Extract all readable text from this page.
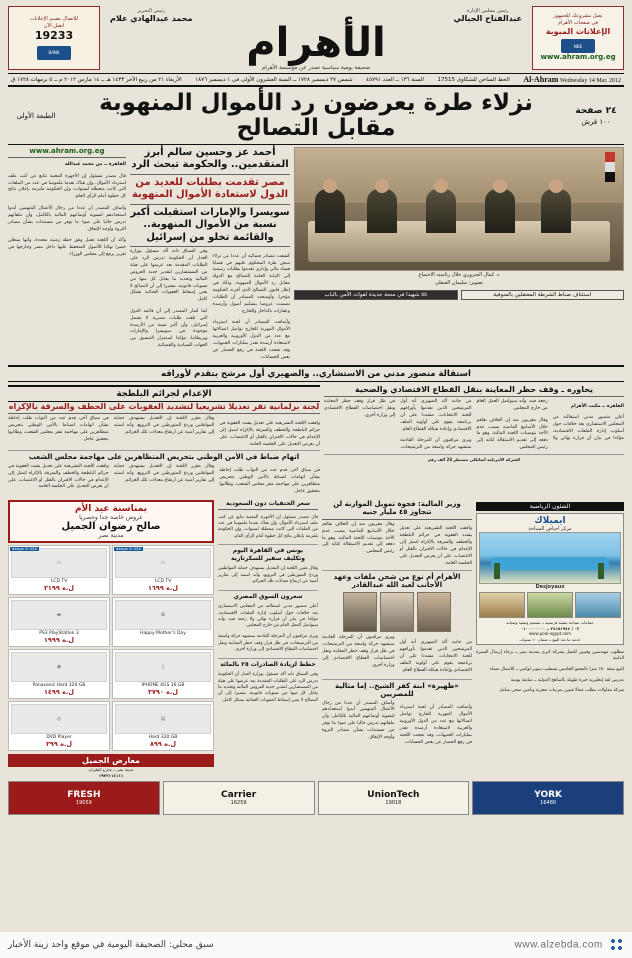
يصل مشروعك للجمهور
في صفحات الأهرام
الإعلانات المبوبة
NBE
www.ahram.org.eg
رئيس مجلس الإدارة
عبدالفتاح الجبالي
رئيس التحرير
محمد عبدالهادي علام
الأهرام
صحيفة يومية سياسية تصدر عن مؤسسة الأهرام
للاتصال بقسم الإعلانات
اتصل الآن
19233
BANK
Al-Ahram Wednesday 14 Mar. 2012
الخط الساخن للشكاوى 17515
السنة ١٣٦ ــ العدد ٤٥٧٩١
شمس ٢٧ ديسمبر ١٧٢٨ ــ السنة العشرون الأولى في ١ ديسمبر ١٨٧٦
الأربعاء ٢١ من ربيع الآخر ١٤٣٣ هـ ــ ١٤ مارس ٢٠١٢ م ــ ٥ برمهات ١٧٢٨ ق
٢٤ صفحة
١٠٠ قرش
نزلاء طرة يعرضون رد الأموال المنهوبة مقابل التصالح
الطبعة الأولى
د. كمال الجنزوري خلال رئاسته الاجتماع
تصوير: سليمان العنقلي
استئناف ضباط الشرطة المعتقلين بالمنوفية
٥٥ شهيدا في منحة جديدة لقوات الأمن بالباب
أحمد عز وحسين سالم أبرز المتقدمين.. والحكومة تبحث الرد
مصر تقدمت بطلبات للعديد من الدول لاستعادة الأموال المنهوبة
سويسرا والإمارات استقبلت أكبر نسبة من الأموال المنهوبة.. والقائمة تخلو من إسرائيل

كشفت مصادر قضائية أن عددا من نزلاء سجن طرة المحكوم عليهم في قضايا فساد مالي وإداري تقدموا بطلبات رسمية إلى النيابة العامة للتصالح مع الدولة مقابل رد الأموال المنهوبة، وذلك في إطار قانون التصالح الذي أقرته الحكومة مؤخرا. وأوضحت المصادر أن الطلبات تضمنت عروضا بتسليم أصول وأرصدة وعقارات بالداخل والخارج.

وأضافت المصادر أن لجنة استرداد الأموال المهربة للخارج تواصل اتصالاتها مع عدد من الدول الأوروبية والعربية لاستعادة أرصدة تقدر بمليارات الجنيهات، وقد نجحت اللجنة في رفع الحصار عن بعض الحسابات.

وفي السياق ذاته أكد مسئول بوزارة العدل أن الحكومة تدرس الرد على الطلبات المقدمة بعد عرضها على هيئة من المستشارين لتقدير جدية العروض المالية وتحديد ما يقابل كل منها من تسويات قانونية، مشيرا إلى أن التصالح لا يعني إسقاط العقوبات الجنائية بشكل كامل.

كما أشار المصدر إلى أن قائمة الدول التي تلقت طلبات مصرية لا تشمل إسرائيل، وأن أكبر نسبة من الأرصدة موجودة في سويسرا والإمارات وبريطانيا، مؤكدا استمرار التنسيق بين الجهات السيادية والقضائية.

www.ahram.org.eg

القاهرة ــ من محمد عبدالله

قال مصدر مسئول إن الأجهزة المعنية تتابع عن كثب ملف استرداد الأموال، وإن هناك تقدما ملموسا في عدد من الملفات التي كانت متعطلة لسنوات، وإن الحكومة ملتزمة بإعلان نتائج كل خطوة أمام الرأي العام.

وأضاف المصدر أن عددا من رجال الأعمال المتهمين أبدوا استعدادهم لتسوية أوضاعهم المالية بالكامل، وأن ملفاتهم تدرس حاليا على ضوء ما توفر من مستندات بشأن مصادر الثروة وأوجه الإنفاق.

وأكد أن اللجنة تعمل وفق خطة زمنية محددة، وأنها ستعلن حصرا نهائيا للأصول المتحفظ عليها داخل مصر وخارجها في تقرير يرفع إلى مجلس الوزراء.

استقالة منصور مدني من الاستشاري.. والصهيري أول مرشح يتقدم لأوراقه
يحاوره ـ وقف حظر المعاينة بنقل القطاع الاقتصادي والصحية

القاهرة ــ مكتب الأهرام

أعلن منصور مدني استقالته من المجلس الاستشاري بعد خلافات حول أسلوب إدارة الملفات الاقتصادية، مؤكدا في بيان أن قراره نهائي ولا رجعة فيه، وأنه سيواصل العمل العام من خارج المجلس.

وقال مقربون منه إن الخلاف تفاقم خلال الأسابيع الماضية بسبب عدم الأخذ بتوصيات اللجنة المالية، وهو ما دفعه إلى تقديم الاستقالة كتابة إلى رئيس المجلس.

من جانبه أكد الصهيري أنه أول المرشحين الذين تقدموا بأوراقهم للجنة الانتخابات، مشددا على أن برنامجه يقوم على أولوية الملف الاقتصادي وإعادة هيكلة القطاع العام.

ويرى مراقبون أن المرحلة القادمة ستشهد حركة واسعة من الترشيحات، في ظل قرار وقف حظر المعاينة ونقل اختصاصات القطاع الاقتصادي إلى وزارة أخرى.

الشركة الأمريكية أسانكلي مسيطر 24 ألف رقم
الإعدام لجرائم البلطجة
لجنة برلمانية تقر تعديلا تشريعيا لتشديد العقوبات على الخطف والسرقة بالإكراه

وافقت اللجنة التشريعية على تعديل يشدد العقوبة في جرائم البلطجة والخطف والسرقة بالإكراه لتصل إلى الإعدام في حالات الاقتران بالقتل أو الاغتصاب، على أن يعرض التعديل على الجلسة العامة.

وقال مقرر اللجنة إن التعديل يستهدف حماية المواطنين وردع المتورطين في الترويع، وأنه استند إلى تقارير أمنية عن ارتفاع معدلات تلك الجرائم.

في سياق آخر، قدم عدد من النواب طلب إحاطة بشأن اتهامات لضباط بالأمن الوطني بتحريض متظاهرين على مهاجمة مقر مجلس الشعب، وطالبوا بتحقيق عاجل.

اتهام ضباط في الأمن الوطني بتحريض المتظاهرين على مهاجمة مجلس الشعب

في سياق آخر، قدم عدد من النواب طلب إحاطة بشأن اتهامات لضباط بالأمن الوطني بتحريض متظاهرين على مهاجمة مقر مجلس الشعب، وطالبوا بتحقيق عاجل.

وقال مقرر اللجنة إن التعديل يستهدف حماية المواطنين وردع المتورطين في الترويع، وأنه استند إلى تقارير أمنية عن ارتفاع معدلات تلك الجرائم.

وافقت اللجنة التشريعية على تعديل يشدد العقوبة في جرائم البلطجة والخطف والسرقة بالإكراه لتصل إلى الإعدام في حالات الاقتران بالقتل أو الاغتصاب، على أن يعرض التعديل على الجلسة العامة.

الشئون الرياضية
ايميلاك
مركز أحياض السباحة
Desjoyaux
حمامات سباحة بتقنية فرنسية ــ تصميم وتنفيذ وصيانة
٠٢ / ٢٤١٥١٩٤٤ ــ ٠١٠٠٠٠٠٠٠٠
www.pool-egypt.com
خدمة ما بعد البيع ــ ضمان ١٠ سنوات

مطلوب مهندسين وفنيين للعمل بشركة كبرى بمدينة نصر ــ برجاء إرسال السيرة الذاتية

للبيع شقة ١٥٠ مترا بالتجمع الخامس تشطيب سوبر لوكس ــ للاتصال مساء

مدرس لغة إنجليزية خبرة طويلة بالمناهج الدولية ــ متابعة يومية

شركة مقاولات تطلب عمالا فنيين بمرتبات مجزية وتأمين صحي شامل

وزير المالية: فجوة تمويل الموازنة لن تتجاوز ٤٥ مليار جنيه

وافقت اللجنة التشريعية على تعديل يشدد العقوبة في جرائم البلطجة والخطف والسرقة بالإكراه لتصل إلى الإعدام في حالات الاقتران بالقتل أو الاغتصاب، على أن يعرض التعديل على الجلسة العامة.

وقال مقربون منه إن الخلاف تفاقم خلال الأسابيع الماضية بسبب عدم الأخذ بتوصيات اللجنة المالية، وهو ما دفعه إلى تقديم الاستقالة كتابة إلى رئيس المجلس.

الأهرام أم نوع من شحن ملفات وعهد الأجانب لعبد الله عبدالقادر

من جانبه أكد الصهيري أنه أول المرشحين الذين تقدموا بأوراقهم للجنة الانتخابات، مشددا على أن برنامجه يقوم على أولوية الملف الاقتصادي وإعادة هيكلة القطاع العام.

ويرى مراقبون أن المرحلة القادمة ستشهد حركة واسعة من الترشيحات، في ظل قرار وقف حظر المعاينة ونقل اختصاصات القطاع الاقتصادي إلى وزارة أخرى.

«ظهيرة» ابنة كفر الشيخ.. إما مثالية للمصريين

وأضافت المصادر أن لجنة استرداد الأموال المهربة للخارج تواصل اتصالاتها مع عدد من الدول الأوروبية والعربية لاستعادة أرصدة تقدر بمليارات الجنيهات، وقد نجحت اللجنة في رفع الحصار عن بعض الحسابات.

وأضاف المصدر أن عددا من رجال الأعمال المتهمين أبدوا استعدادهم لتسوية أوضاعهم المالية بالكامل، وأن ملفاتهم تدرس حاليا على ضوء ما توفر من مستندات بشأن مصادر الثروة وأوجه الإنفاق.

سعر الحنفيات دون السعودية

قال مصدر مسئول إن الأجهزة المعنية تتابع عن كثب ملف استرداد الأموال، وإن هناك تقدما ملموسا في عدد من الملفات التي كانت متعطلة لسنوات، وإن الحكومة ملتزمة بإعلان نتائج كل خطوة أمام الرأي العام.

يونس في القاهرة اليوم
وتكليف سفير للسكرتارية

وقال مقرر اللجنة إن التعديل يستهدف حماية المواطنين وردع المتورطين في الترويع، وأنه استند إلى تقارير أمنية عن ارتفاع معدلات تلك الجرائم.

سعرون السوق المصري

أعلن منصور مدني استقالته من المجلس الاستشاري بعد خلافات حول أسلوب إدارة الملفات الاقتصادية، مؤكدا في بيان أن قراره نهائي ولا رجعة فيه، وأنه سيواصل العمل العام من خارج المجلس.

ويرى مراقبون أن المرحلة القادمة ستشهد حركة واسعة من الترشيحات، في ظل قرار وقف حظر المعاينة ونقل اختصاصات القطاع الاقتصادي إلى وزارة أخرى.

خطط لزيادة الصادرات ٢٥ بالمائة

وفي السياق ذاته أكد مسئول بوزارة العدل أن الحكومة تدرس الرد على الطلبات المقدمة بعد عرضها على هيئة من المستشارين لتقدير جدية العروض المالية وتحديد ما يقابل كل منها من تسويات قانونية، مشيرا إلى أن التصالح لا يعني إسقاط العقوبات الجنائية بشكل كامل.

بمناسبة عيد الأم
عروض خاصة جدا وحصريا
صالح رضوان الجميل
مدينة نصر
design in USA
▭
LCD TV
ل.ه ١٦٩٩
design in USA
▭
LCD TV
ل.ه ٢١٩٩
✿
Happy Mother's Day
▬
PS3 PlayStation 3
ل.ه ١٩٩٩
▯
IPHONE 4GS 16 GB
ل.ه ٣٧٩٠
◉
Panasonic Hard 320 GB
ل.ه ١٤٩٩
▤
Hard 320 GB
ل.ه ٨٩٩
◎
DVD Player
ل.ه ٢٩٩
معارض الجميل
مدينة نصر ــ شارع الطيران
١٩٢٢١١٤١١١
YORK
16480
UnionTech
19018
Carrier
16259
FRESH
19059
www.alzebda.com
سبق محلي: الصحيفة اليومية في موقع واحد زينة الأخبار
